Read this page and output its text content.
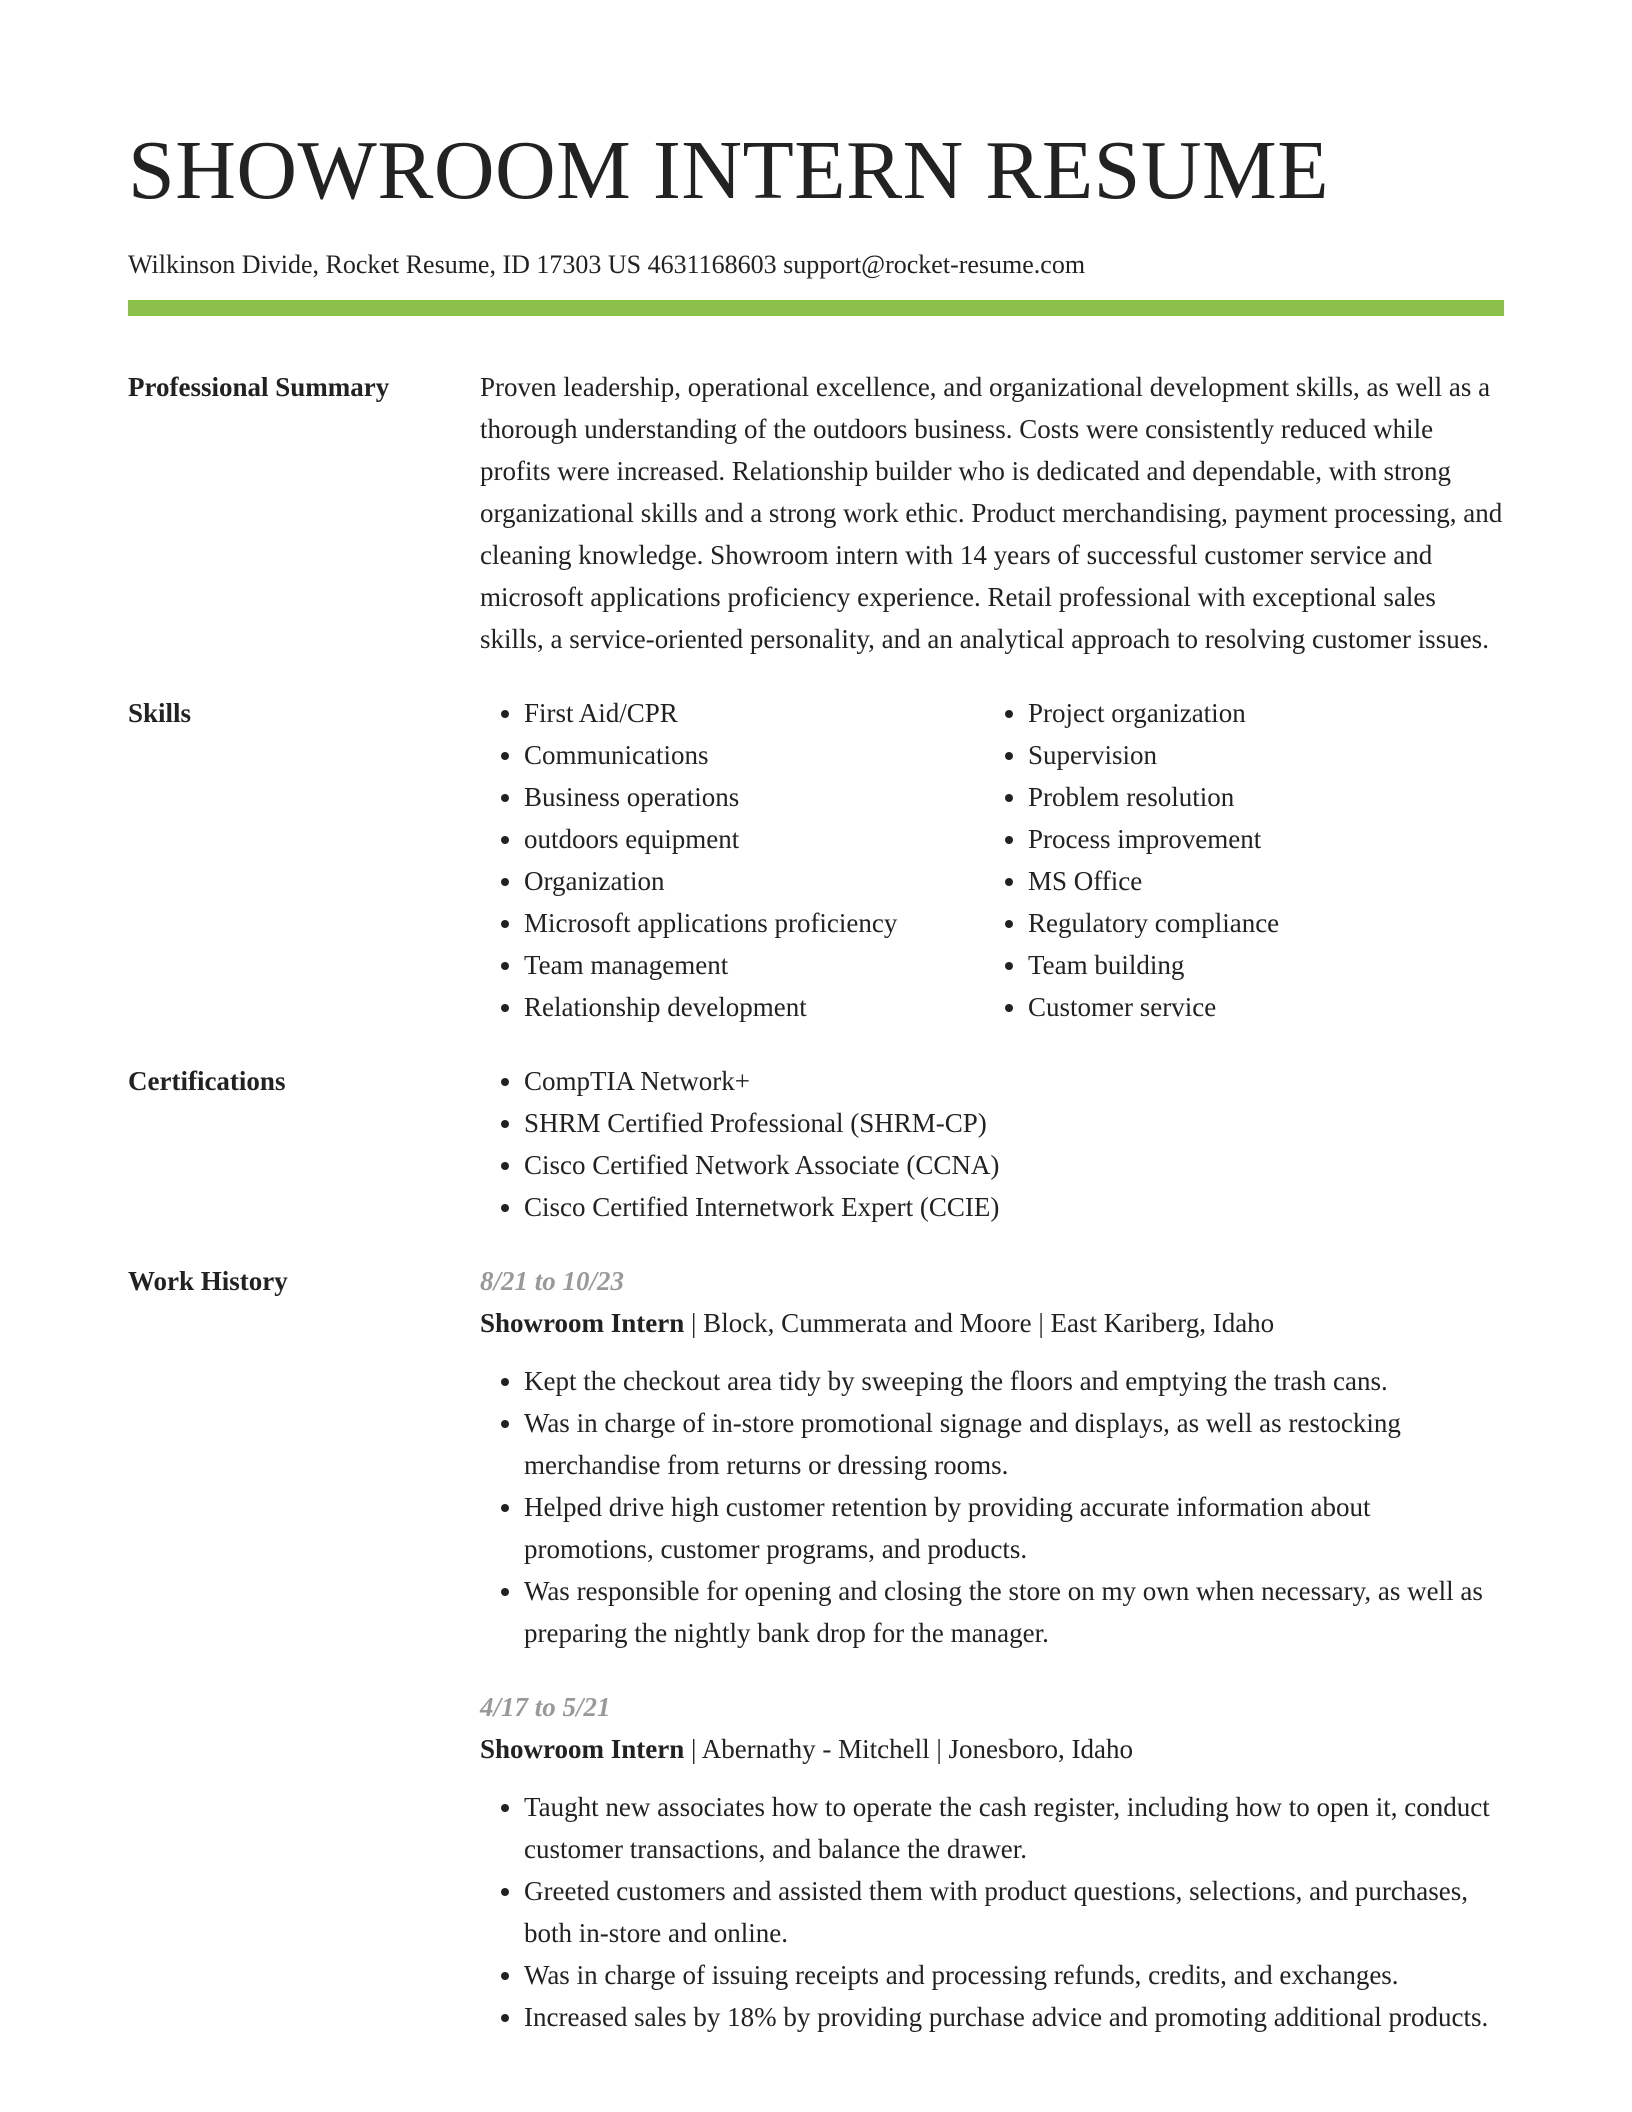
SHOWROOM INTERN RESUME
Wilkinson Divide, Rocket Resume, ID 17303 US 4631168603 support@rocket-resume.com
Professional Summary	Proven leadership, operational excellence, and organizational development skills, as well as a thorough understanding of the outdoors business. Costs were consistently reduced while profits were increased. Relationship builder who is dedicated and dependable, with strong organizational skills and a strong work ethic. Product merchandising, payment processing, and cleaning knowledge. Showroom intern with 14 years of successful customer service and microsoft applications proficiency experience. Retail professional with exceptional sales skills, a service-oriented personality, and an analytical approach to resolving customer issues.

Skills	• First Aid/CPR
• Communications
• Business operations
• outdoors equipment
• Organization
• Microsoft applications proficiency
• Team management
• Relationship development
• Project organization
• Supervision
• Problem resolution
• Process improvement
• MS Office
• Regulatory compliance
• Team building
• Customer service
Certifications	• CompTIA Network+
• SHRM Certified Professional (SHRM-CP)
• Cisco Certified Network Associate (CCNA)
• Cisco Certified Internetwork Expert (CCIE)
Work History	8/21 to 10/23
Showroom Intern | Block, Cummerata and Moore | East Kariberg, Idaho
• Kept the checkout area tidy by sweeping the floors and emptying the trash cans.
• Was in charge of in-store promotional signage and displays, as well as restocking merchandise from returns or dressing rooms.
• Helped drive high customer retention by providing accurate information about promotions, customer programs, and products.
• Was responsible for opening and closing the store on my own when necessary, as well as preparing the nightly bank drop for the manager.
4/17 to 5/21
Showroom Intern | Abernathy - Mitchell | Jonesboro, Idaho
• Taught new associates how to operate the cash register, including how to open it, conduct customer transactions, and balance the drawer.
• Greeted customers and assisted them with product questions, selections, and purchases, both in-store and online.
• Was in charge of issuing receipts and processing refunds, credits, and exchanges.
• Increased sales by 18% by providing purchase advice and promoting additional products.
